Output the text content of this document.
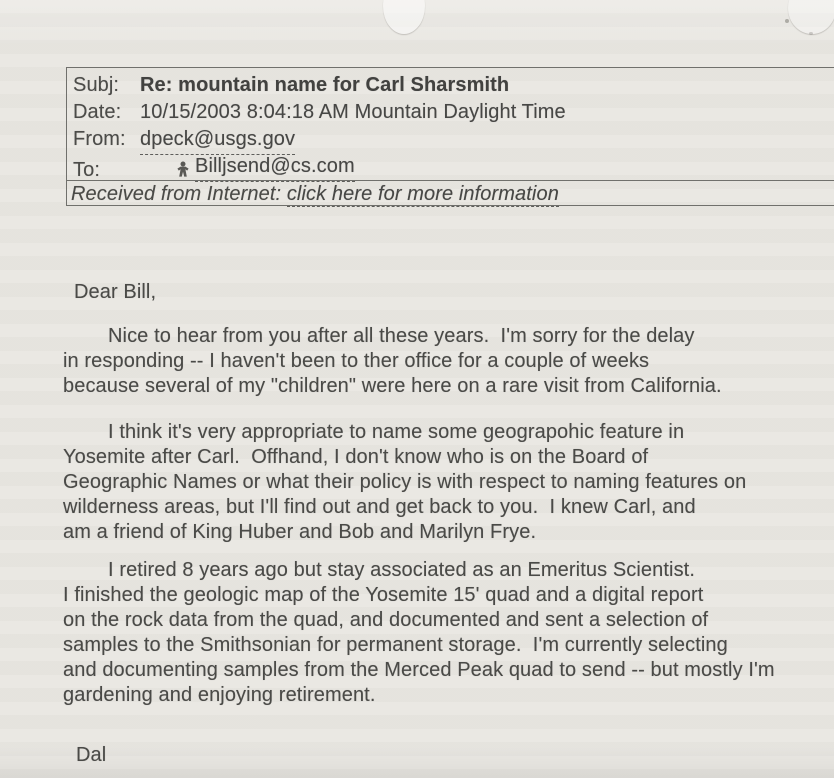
Subj:	Re: mountain name for Carl Sharsmith
Date: 10/15/2003 8:04:18 AM Mountain Daylight Time
From: dpeck@usgs.gov
To:	Billjsend@cs.com
Received from Internet: click here for more information
Dear Bill,
Nice to hear from you after all these years.  I'm sorry for the delay
in responding -- I haven't been to ther office for a couple of weeks
because several of my "children" were here on a rare visit from California.
I think it's very appropriate to name some geograpohic feature in
Yosemite after Carl.  Offhand, I don't know who is on the Board of
Geographic Names or what their policy is with respect to naming features on
wilderness areas, but I'll find out and get back to you.  I knew Carl, and
am a friend of King Huber and Bob and Marilyn Frye.
I retired 8 years ago but stay associated as an Emeritus Scientist.
I finished the geologic map of the Yosemite 15' quad and a digital report
on the rock data from the quad, and documented and sent a selection of
samples to the Smithsonian for permanent storage.  I'm currently selecting
and documenting samples from the Merced Peak quad to send -- but mostly I'm
gardening and enjoying retirement.
Dal
